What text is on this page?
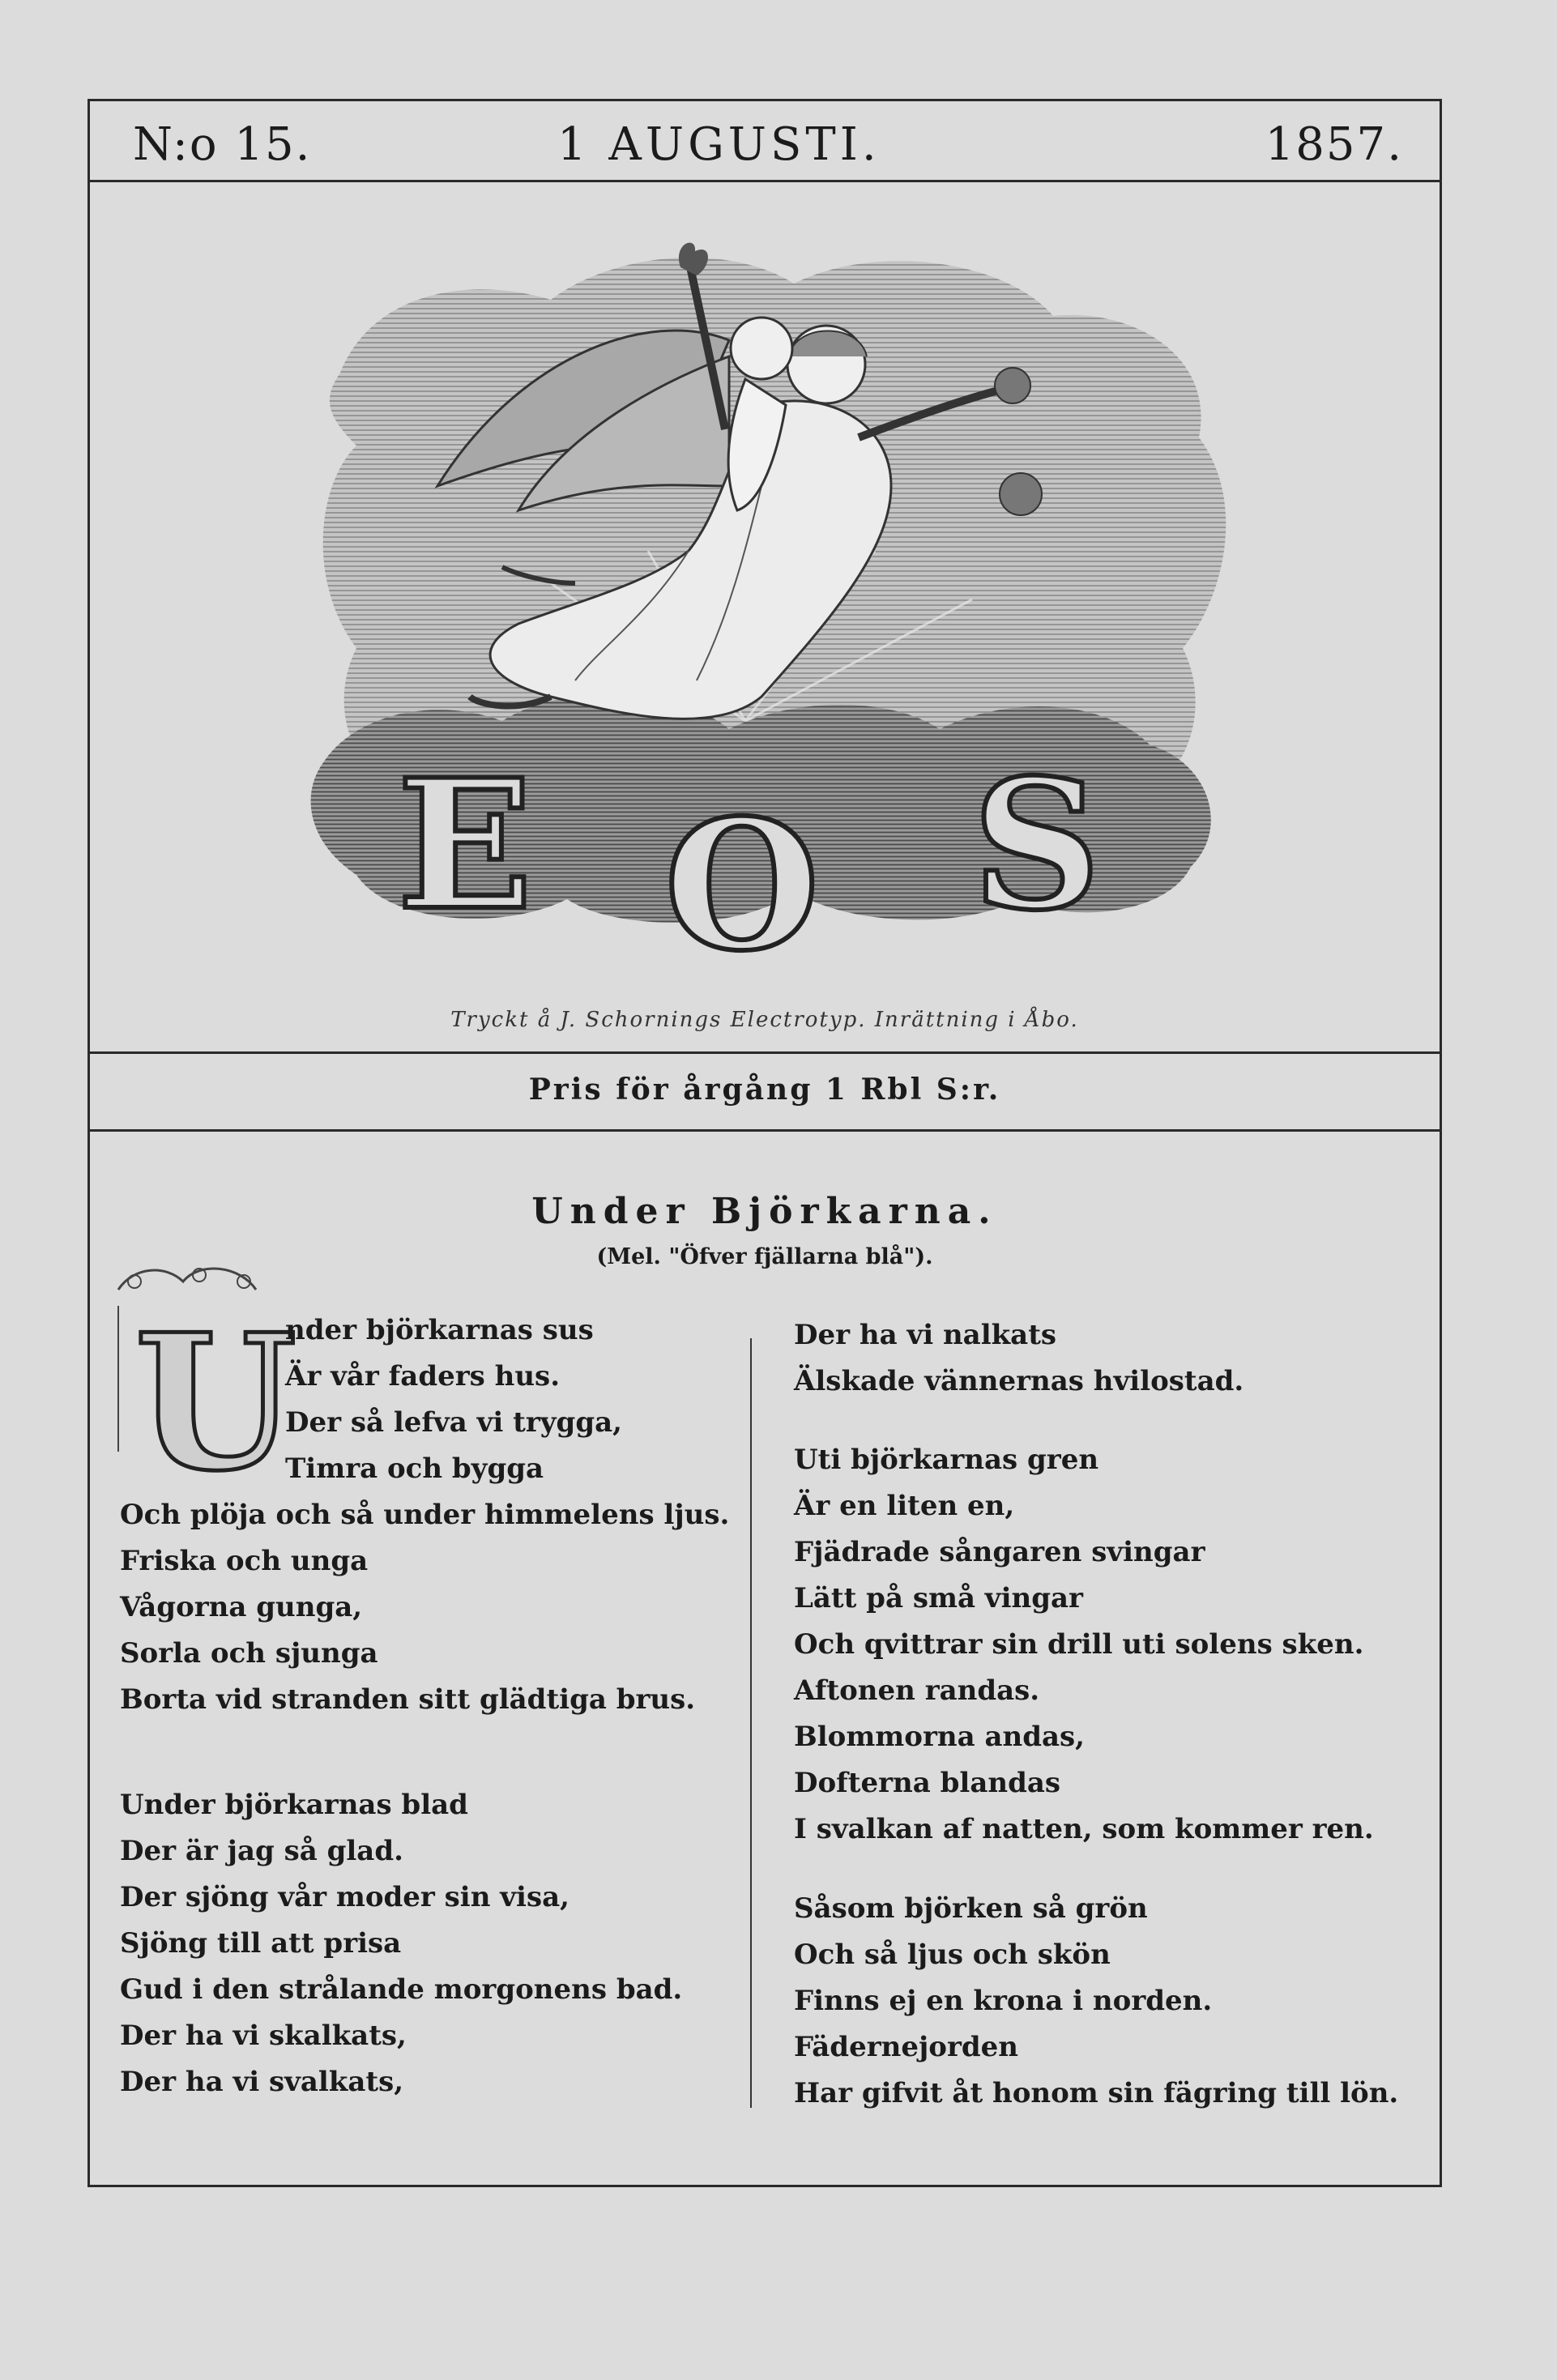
N:o 15.	1 AUGUSTI.	1857.
E O S
Tryckt å J. Schornings Electrotyp. Inrättning i Åbo.
Pris för årgång 1 Rbl S:r.
Under Björkarna.
(Mel. "Öfver fjällarna blå").
U
nder björkarnas sus
Är vår faders hus.
Der så lefva vi trygga,
Timra och bygga
Och plöja och så under himmelens ljus.
Friska och unga
Vågorna gunga,
Sorla och sjunga
Borta vid stranden sitt glädtiga brus.
Under björkarnas blad
Der är jag så glad.
Der sjöng vår moder sin visa,
Sjöng till att prisa
Gud i den strålande morgonens bad.
Der ha vi skalkats,
Der ha vi svalkats,
Der ha vi nalkats
Älskade vännernas hvilostad.
Uti björkarnas gren
Är en liten en,
Fjädrade sångaren svingar
Lätt på små vingar
Och qvittrar sin drill uti solens sken.
Aftonen randas.
Blommorna andas,
Dofterna blandas
I svalkan af natten, som kommer ren.
Såsom björken så grön
Och så ljus och skön
Finns ej en krona i norden.
Fädernejorden
Har gifvit åt honom sin fägring till lön.
